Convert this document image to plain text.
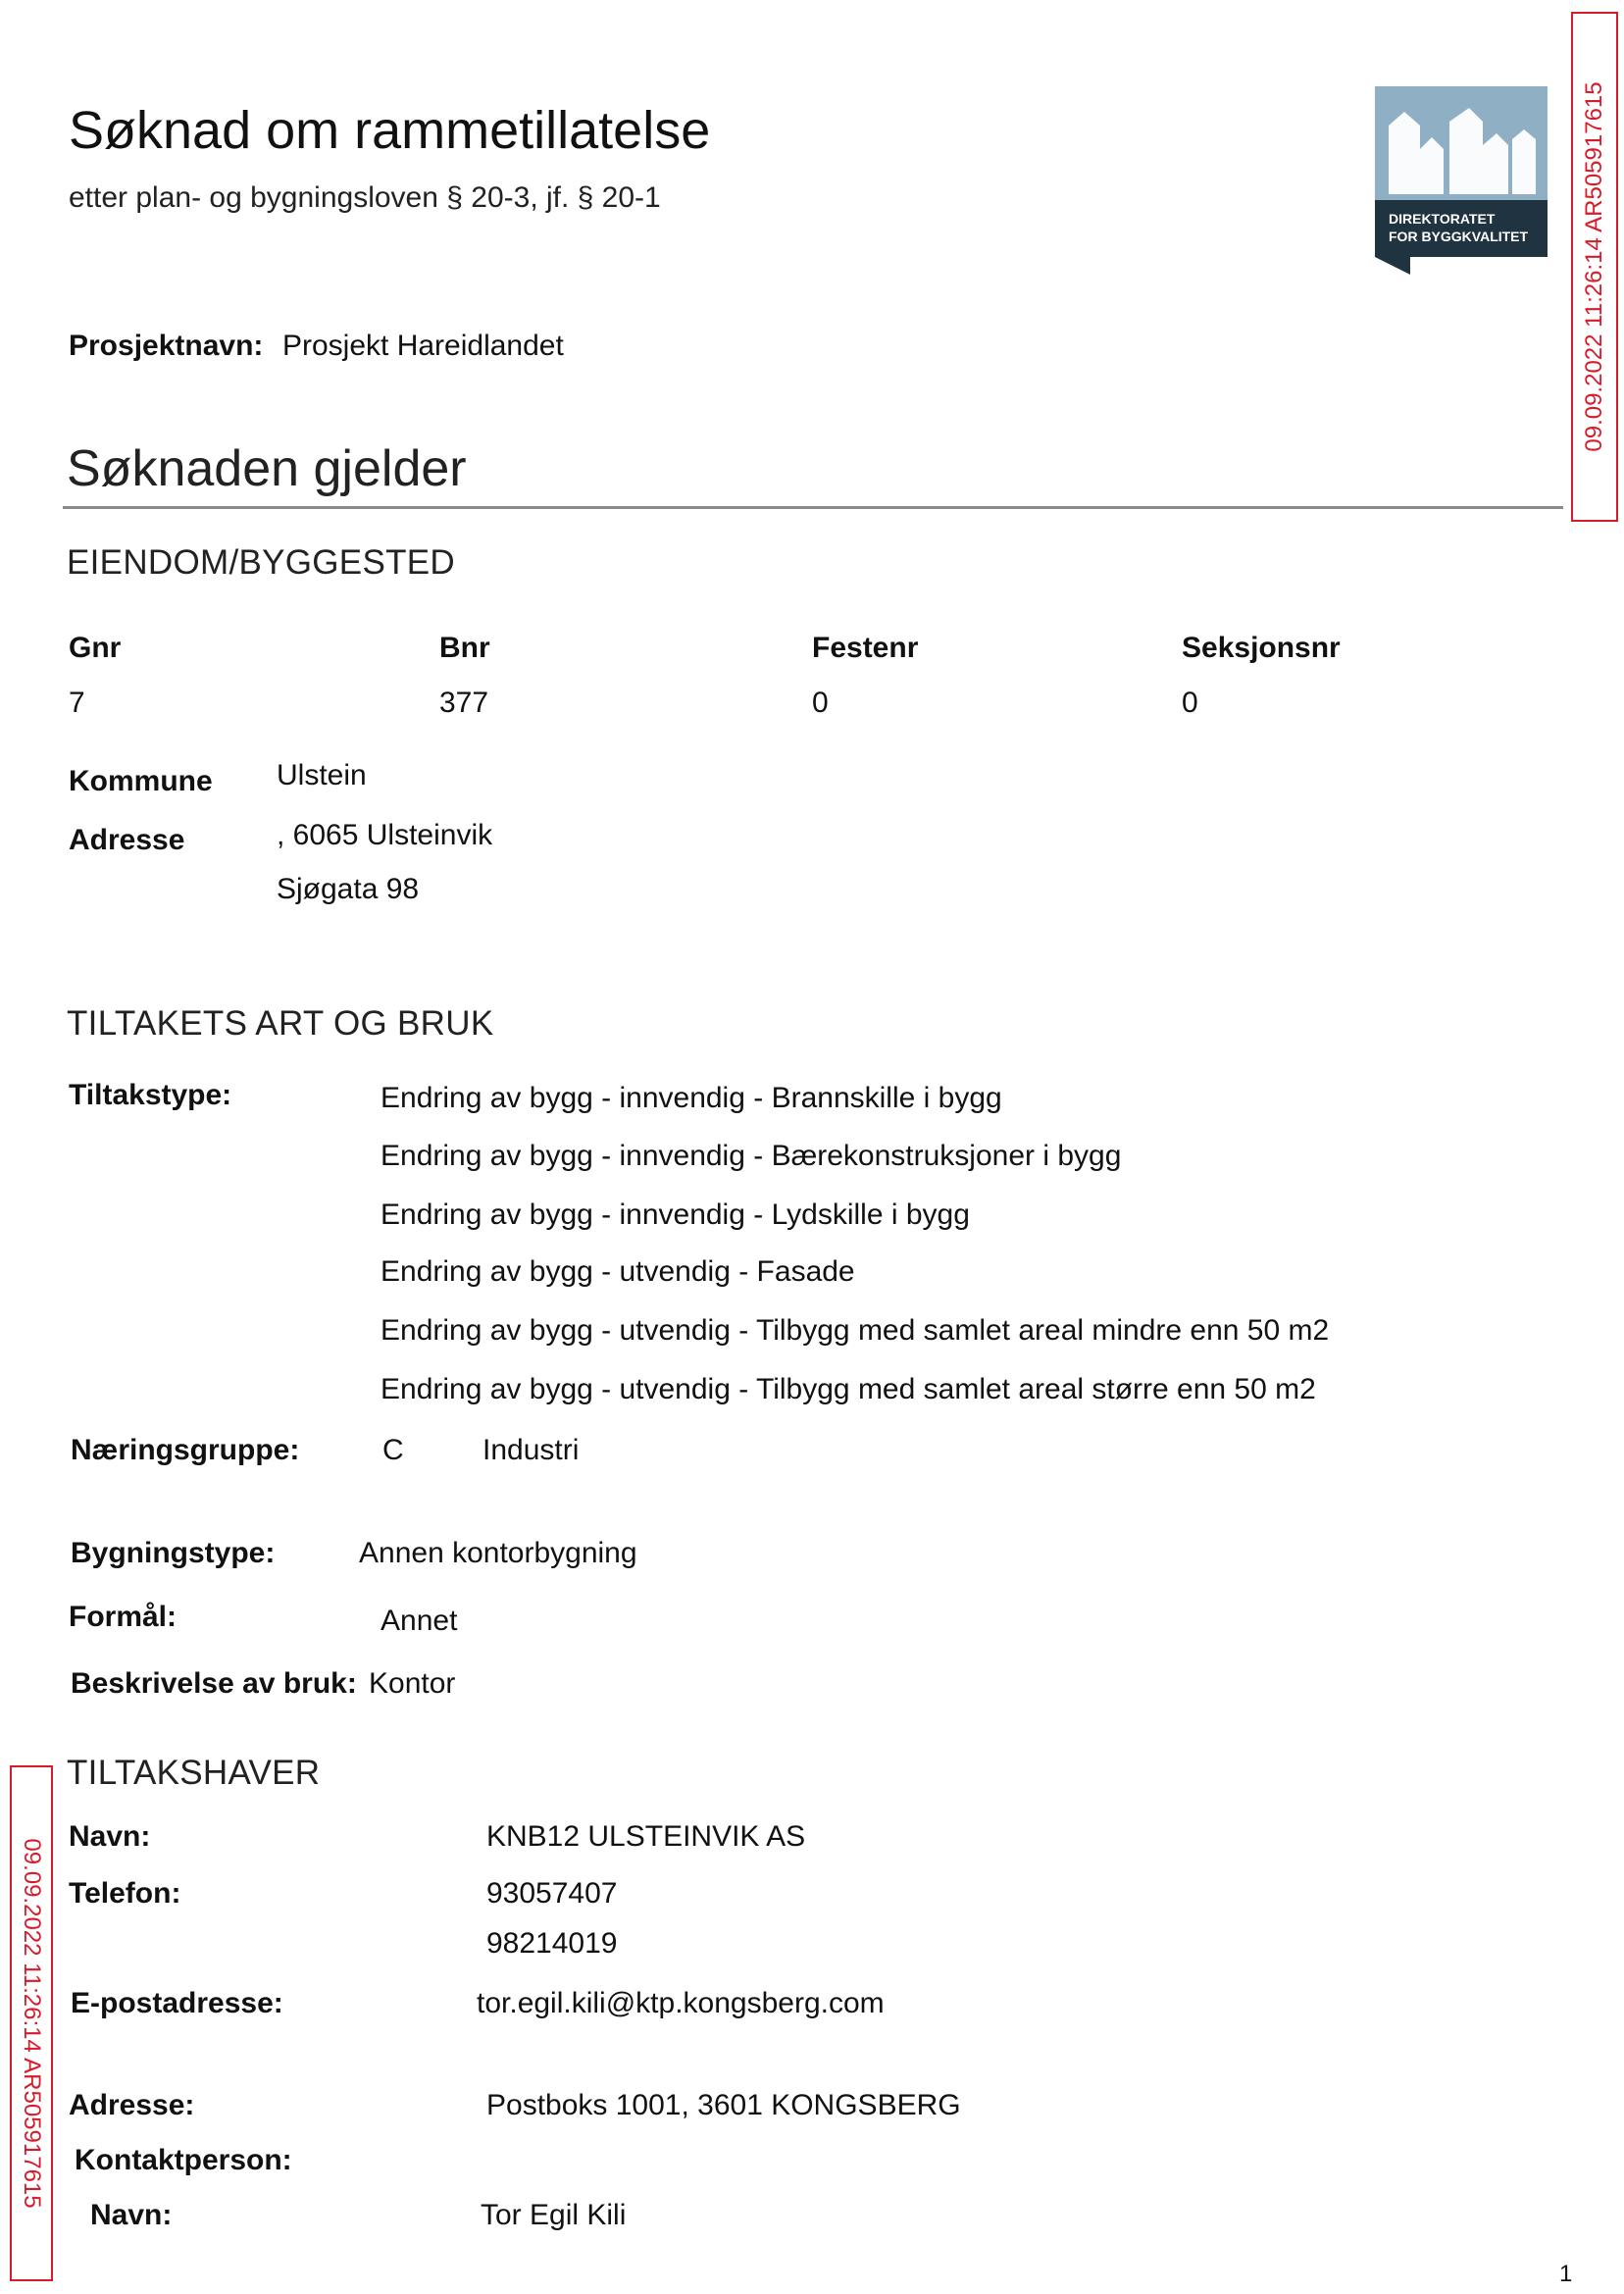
Søknad om rammetillatelse
etter plan- og bygningsloven § 20-3, jf. § 20-1
DIREKTORATET
FOR BYGGKVALITET 09.09.2022 11:26:14 AR505917615
Prosjektnavn: Prosjekt Hareidlandet
Søknaden gjelder
EIENDOM/BYGGESTED
Gnr	Bnr	Festenr	Seksjonsnr
7	377	0	0
Kommune Ulstein
Adresse	, 6065 Ulsteinvik
Sjøgata 98
TILTAKETS ART OG BRUK
Tiltakstype:	Endring av bygg - innvendig - Brannskille i bygg
Endring av bygg - innvendig - Bærekonstruksjoner i bygg
Endring av bygg - innvendig - Lydskille i bygg
Endring av bygg - utvendig - Fasade
Endring av bygg - utvendig - Tilbygg med samlet areal mindre enn 50 m2
Endring av bygg - utvendig - Tilbygg med samlet areal større enn 50 m2
Næringsgruppe:	C	Industri
Bygningstype:	Annen kontorbygning
Formål:	Annet
Beskrivelse av bruk: Kontor
09.09.2022 11:26:14 AR505917615
TILTAKSHAVER
Navn:	KNB12 ULSTEINVIK AS
Telefon:	93057407
98214019
E-postadresse:	tor.egil.kili@ktp.kongsberg.com
Adresse:	Postboks 1001, 3601 KONGSBERG
Kontaktperson:
Navn:	Tor Egil Kili
1
